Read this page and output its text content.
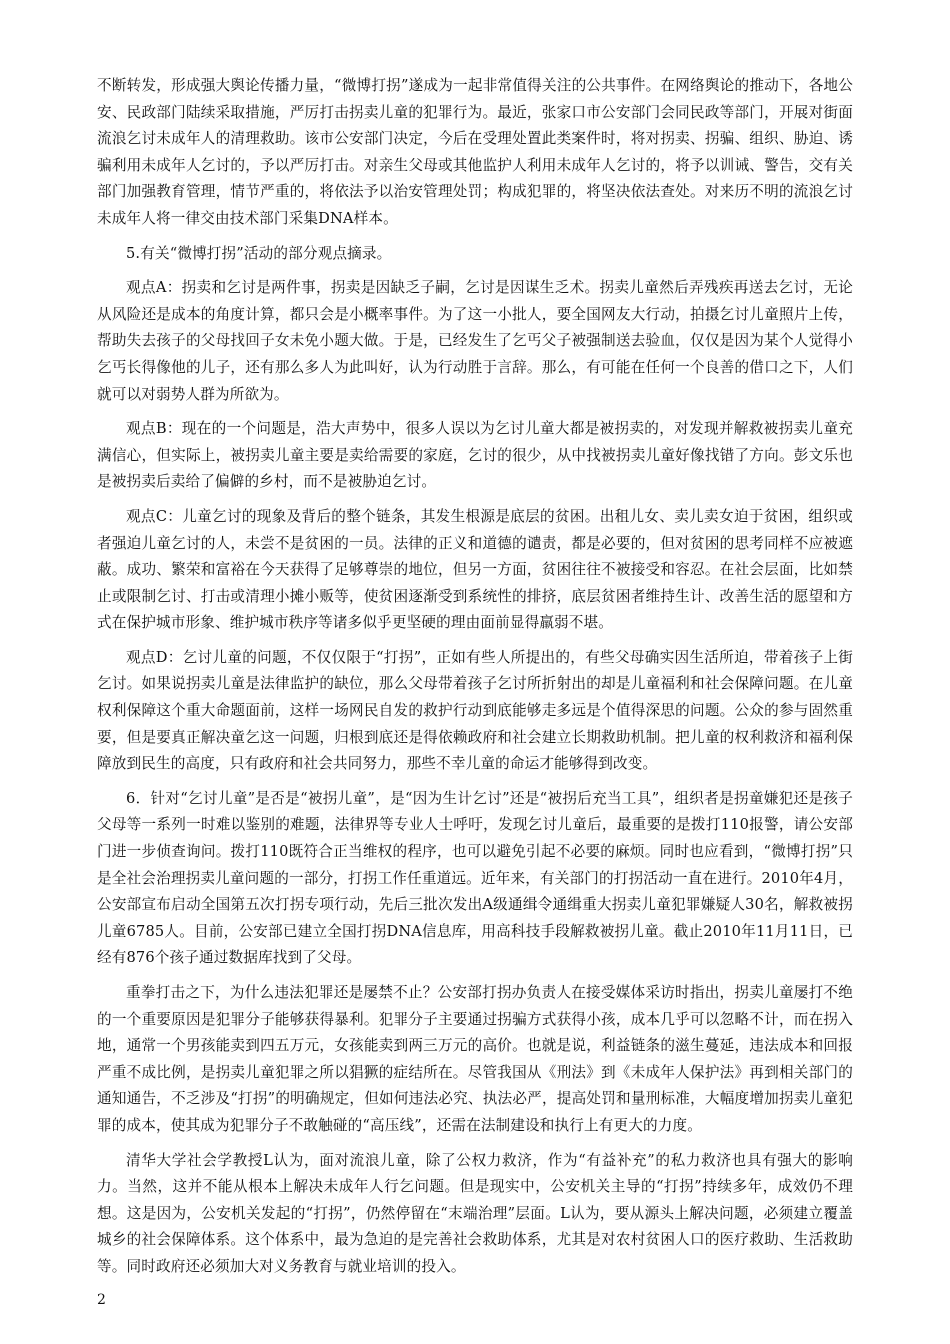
不断转发，形成强大舆论传播力量，“微博打拐”遂成为一起非常值得关注的公共事件。在网络舆论的推动下，各地公安、民政部门陆续采取措施，严厉打击拐卖儿童的犯罪行为。最近，张家口市公安部门会同民政等部门，开展对街面流浪乞讨未成年人的清理救助。该市公安部门决定，今后在受理处置此类案件时，将对拐卖、拐骗、组织、胁迫、诱骗利用未成年人乞讨的，予以严厉打击。对亲生父母或其他监护人利用未成年人乞讨的，将予以训诫、警告，交有关部门加强教育管理，情节严重的，将依法予以治安管理处罚；构成犯罪的，将坚决依法查处。对来历不明的流浪乞讨未成年人将一律交由技术部门采集DNA样本。

5.有关“微博打拐”活动的部分观点摘录。

观点A：拐卖和乞讨是两件事，拐卖是因缺乏子嗣，乞讨是因谋生乏术。拐卖儿童然后弄残疾再送去乞讨，无论从风险还是成本的角度计算，都只会是小概率事件。为了这一小批人，要全国网友大行动，拍摄乞讨儿童照片上传，帮助失去孩子的父母找回子女未免小题大做。于是，已经发生了乞丐父子被强制送去验血，仅仅是因为某个人觉得小乞丐长得像他的儿子，还有那么多人为此叫好，认为行动胜于言辞。那么，有可能在任何一个良善的借口之下，人们就可以对弱势人群为所欲为。

观点B：现在的一个问题是，浩大声势中，很多人误以为乞讨儿童大都是被拐卖的，对发现并解救被拐卖儿童充满信心，但实际上，被拐卖儿童主要是卖给需要的家庭，乞讨的很少，从中找被拐卖儿童好像找错了方向。彭文乐也是被拐卖后卖给了偏僻的乡村，而不是被胁迫乞讨。

观点C：儿童乞讨的现象及背后的整个链条，其发生根源是底层的贫困。出租儿女、卖儿卖女迫于贫困，组织或者强迫儿童乞讨的人，未尝不是贫困的一员。法律的正义和道德的谴责，都是必要的，但对贫困的思考同样不应被遮蔽。成功、繁荣和富裕在今天获得了足够尊崇的地位，但另一方面，贫困往往不被接受和容忍。在社会层面，比如禁止或限制乞讨、打击或清理小摊小贩等，使贫困逐渐受到系统性的排挤，底层贫困者维持生计、改善生活的愿望和方式在保护城市形象、维护城市秩序等诸多似乎更坚硬的理由面前显得羸弱不堪。

观点D：乞讨儿童的问题，不仅仅限于“打拐”，正如有些人所提出的，有些父母确实因生活所迫，带着孩子上街乞讨。如果说拐卖儿童是法律监护的缺位，那么父母带着孩子乞讨所折射出的却是儿童福利和社会保障问题。在儿童权利保障这个重大命题面前，这样一场网民自发的救护行动到底能够走多远是个值得深思的问题。公众的参与固然重要，但是要真正解决童乞这一问题，归根到底还是得依赖政府和社会建立长期救助机制。把儿童的权利救济和福利保障放到民生的高度，只有政府和社会共同努力，那些不幸儿童的命运才能够得到改变。

6．针对“乞讨儿童”是否是“被拐儿童”，是“因为生计乞讨”还是“被拐后充当工具”，组织者是拐童嫌犯还是孩子父母等一系列一时难以鉴别的难题，法律界等专业人士呼吁，发现乞讨儿童后，最重要的是拨打110报警，请公安部门进一步侦查询问。拨打110既符合正当维权的程序，也可以避免引起不必要的麻烦。同时也应看到，“微博打拐”只是全社会治理拐卖儿童问题的一部分，打拐工作任重道远。近年来，有关部门的打拐活动一直在进行。2010年4月，公安部宣布启动全国第五次打拐专项行动，先后三批次发出A级通缉令通缉重大拐卖儿童犯罪嫌疑人30名，解救被拐儿童6785人。目前，公安部已建立全国打拐DNA信息库，用高科技手段解救被拐儿童。截止2010年11月11日，已经有876个孩子通过数据库找到了父母。

重拳打击之下，为什么违法犯罪还是屡禁不止？公安部打拐办负责人在接受媒体采访时指出，拐卖儿童屡打不绝的一个重要原因是犯罪分子能够获得暴利。犯罪分子主要通过拐骗方式获得小孩，成本几乎可以忽略不计，而在拐入地，通常一个男孩能卖到四五万元，女孩能卖到两三万元的高价。也就是说，利益链条的滋生蔓延，违法成本和回报严重不成比例，是拐卖儿童犯罪之所以猖獗的症结所在。尽管我国从《刑法》到《未成年人保护法》再到相关部门的通知通告，不乏涉及“打拐”的明确规定，但如何违法必究、执法必严，提高处罚和量刑标准，大幅度增加拐卖儿童犯罪的成本，使其成为犯罪分子不敢触碰的“高压线”，还需在法制建设和执行上有更大的力度。

清华大学社会学教授L认为，面对流浪儿童，除了公权力救济，作为“有益补充”的私力救济也具有强大的影响力。当然，这并不能从根本上解决未成年人行乞问题。但是现实中，公安机关主导的“打拐”持续多年，成效仍不理想。这是因为，公安机关发起的“打拐”，仍然停留在“末端治理”层面。L认为，要从源头上解决问题，必须建立覆盖城乡的社会保障体系。这个体系中，最为急迫的是完善社会救助体系，尤其是对农村贫困人口的医疗救助、生活救助等。同时政府还必须加大对义务教育与就业培训的投入。

2
